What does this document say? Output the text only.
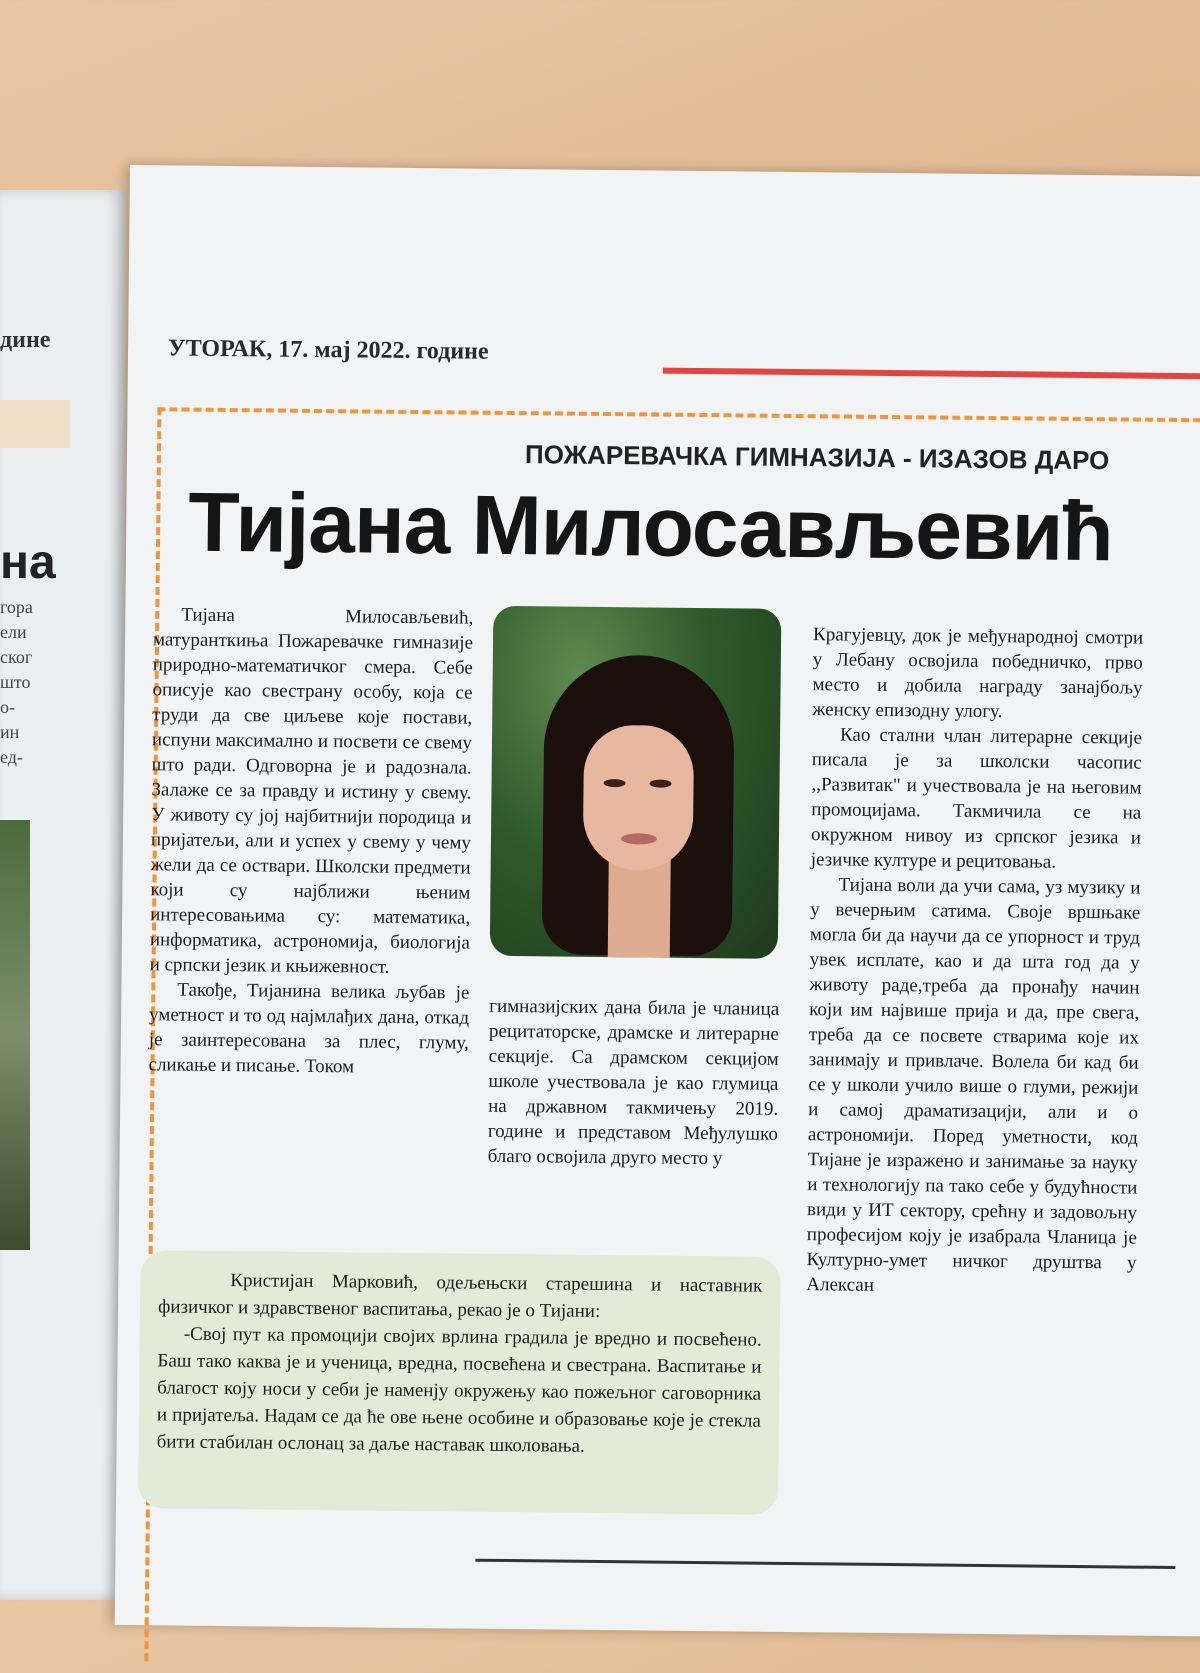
дине
на
гора
ели
ског
што
о-
ин
ед-
УТОРАК, 17. мај 2022. године
ПОЖАРЕВАЧКА ГИМНАЗИЈА - ИЗАЗОВ ДАРО
Тијана Милосављевић

Тијана Милосављевић, матуранткиња Пожаревачке гимназије природно-математичког смера. Себе описује као свестрану особу, која се труди да све циљеве које постави, испуни максимално и посвети се свему што ради. Одговорна је и радознала. Залаже се за правду и истину у свему. У животу су јој најбитнији породица и пријатељи, али и успех у свему у чему жели да се оствари. Школски предмети који су најближи њеним интересовањима су: математика, информатика, астрономија, биологија и српски језик и књижевност.

Такође, Тијанина велика љубав је уметност и то од најмлађих дана, откад је заинтересована за плес, глуму, сликање и писање. Током

гимназијских дана била је чланица рецитаторске, драмске и литерарне секције. Са драмском секцијом школе учествовала је као глумица на државном такмичењу 2019. године и представом Међулушко благо освојила друго место у

Крагујевцу, док је међународној смотри у Лебану освојила победничко, прво место и добила награду занајбољу женску епизодну улогу.

Као стални члан литерарне секције писала је за школски часопис ,,Развитак" и учествовала је на његовим промоцијама. Такмичила се на окружном нивоу из српског језика и језичке културе и рецитовања.

Тијана воли да учи сама, уз музику и у вечерњим сатима. Своје вршњаке могла би да научи да се упорност и труд увек исплате, као и да шта год да у животу раде,треба да пронађу начин који им највише прија и да, пре свега, треба да се посвете стварима које их занимају и привлаче. Волела би кад би се у школи учило више о глуми, режији и самој драматизацији, али и о астрономији. Поред уметности, код Тијане је изражено и занимање за науку и технологију па тако себе у будућности види у ИТ сектору, срећну и задовољну професијом коју је изабрала Чланица је Културно-умет ничког друштва у Алексан

Кристијан Марковић, одељењски старешина и наставник физичког и здравственог васпитања, рекао је о Тијани:

-Свој пут ка промоцији својих врлина градила је вредно и посвећено. Баш тако каква је и ученица, вредна, посвећена и свестрана. Васпитање и благост коју носи у себи је наменју окружењу као пожељног саговорника и пријатеља. Надам се да ће ове њене особине и образовање које је стекла бити стабилан ослонац за даље наставак школовања.
